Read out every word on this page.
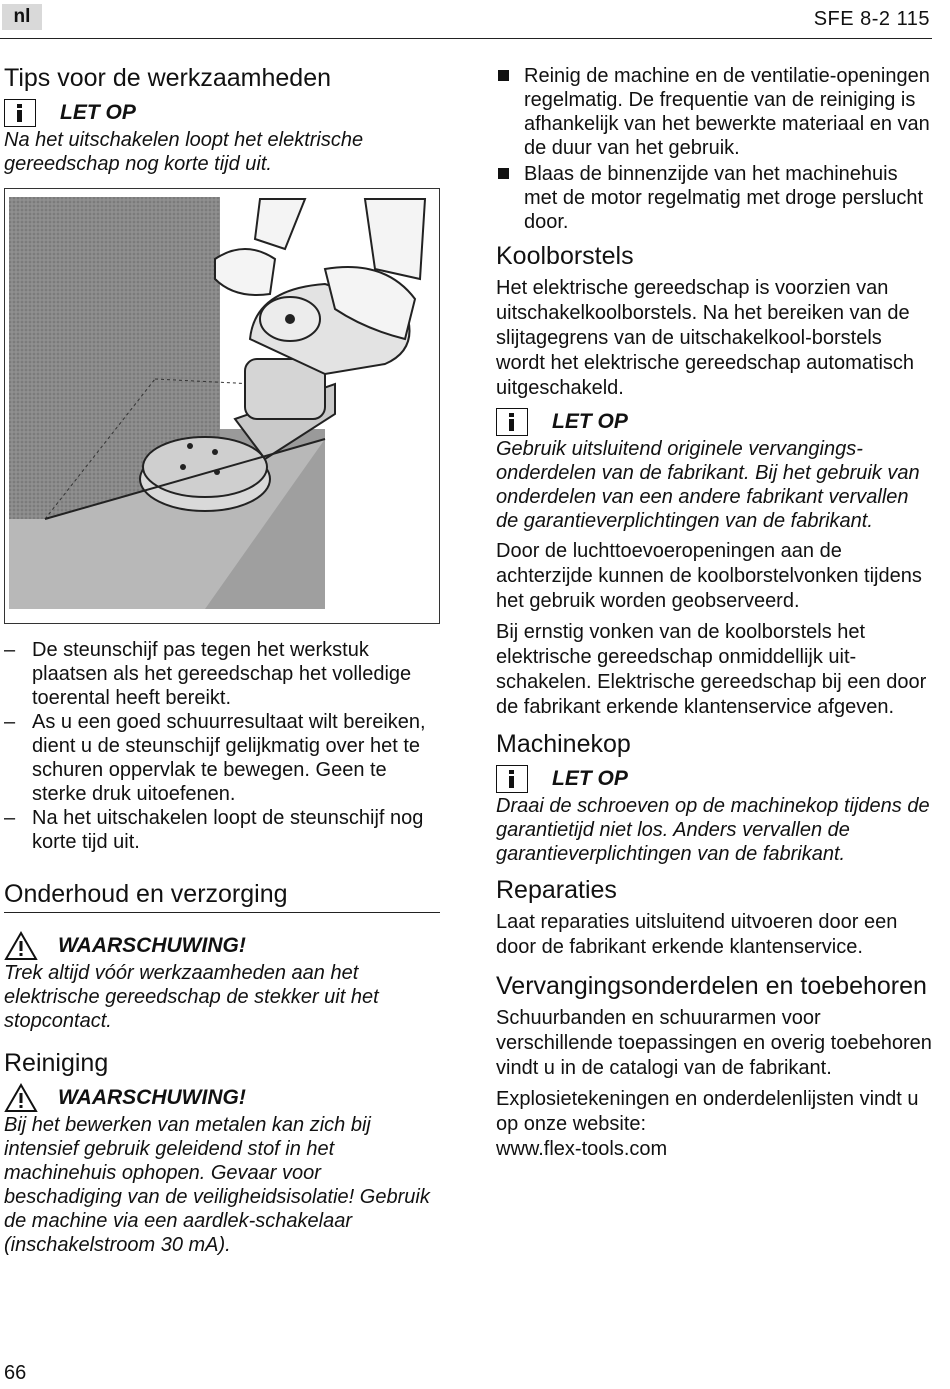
nl	SFE 8-2 115
Tips voor de werkzaamheden
LET OP
Na het uitschakelen loopt het elektrische gereedschap nog korte tijd uit.
– De steunschijf pas tegen het werkstuk plaatsen als het gereedschap het volledige toerental heeft bereikt.
– As u een goed schuurresultaat wilt bereiken, dient u de steunschijf gelijkmatig over het te schuren oppervlak te bewegen. Geen te sterke druk uitoefenen.
– Na het uitschakelen loopt de steunschijf nog korte tijd uit.
Onderhoud en verzorging
WAARSCHUWING!
Trek altijd vóór werkzaamheden aan het elektrische gereedschap de stekker uit het stopcontact.
Reiniging
WAARSCHUWING!
Bij het bewerken van metalen kan zich bij intensief gebruik geleidend stof in het machinehuis ophopen. Gevaar voor beschadiging van de veiligheidsisolatie! Gebruik de machine via een aardlek-schakelaar (inschakelstroom 30 mA).
Reinig de machine en de ventilatie-openingen regelmatig. De frequentie van de reiniging is afhankelijk van het bewerkte materiaal en van de duur van het gebruik.
Blaas de binnenzijde van het machinehuis met de motor regelmatig met droge perslucht door.
Koolborstels

Het elektrische gereedschap is voorzien van uitschakelkoolborstels. Na het bereiken van de slijtagegrens van de uitschakelkool-borstels wordt het elektrische gereedschap automatisch uitgeschakeld.

LET OP
Gebruik uitsluitend originele vervangings-onderdelen van de fabrikant. Bij het gebruik van onderdelen van een andere fabrikant vervallen de garantieverplichtingen van de fabrikant.

Door de luchttoevoeropeningen aan de achterzijde kunnen de koolborstelvonken tijdens het gebruik worden geobserveerd.

Bij ernstig vonken van de koolborstels het elektrische gereedschap onmiddellijk uit-schakelen. Elektrische gereedschap bij een door de fabrikant erkende klantenservice afgeven.

Machinekop
LET OP
Draai de schroeven op de machinekop tijdens de garantietijd niet los. Anders vervallen de garantieverplichtingen van de fabrikant.
Reparaties

Laat reparaties uitsluitend uitvoeren door een door de fabrikant erkende klantenservice.

Vervangingsonderdelen en toebehoren

Schuurbanden en schuurarmen voor verschillende toepassingen en overig toebehoren vindt u in de catalogi van de fabrikant.

Explosietekeningen en onderdelenlijsten vindt u op onze website:

www.flex-tools.com

66
